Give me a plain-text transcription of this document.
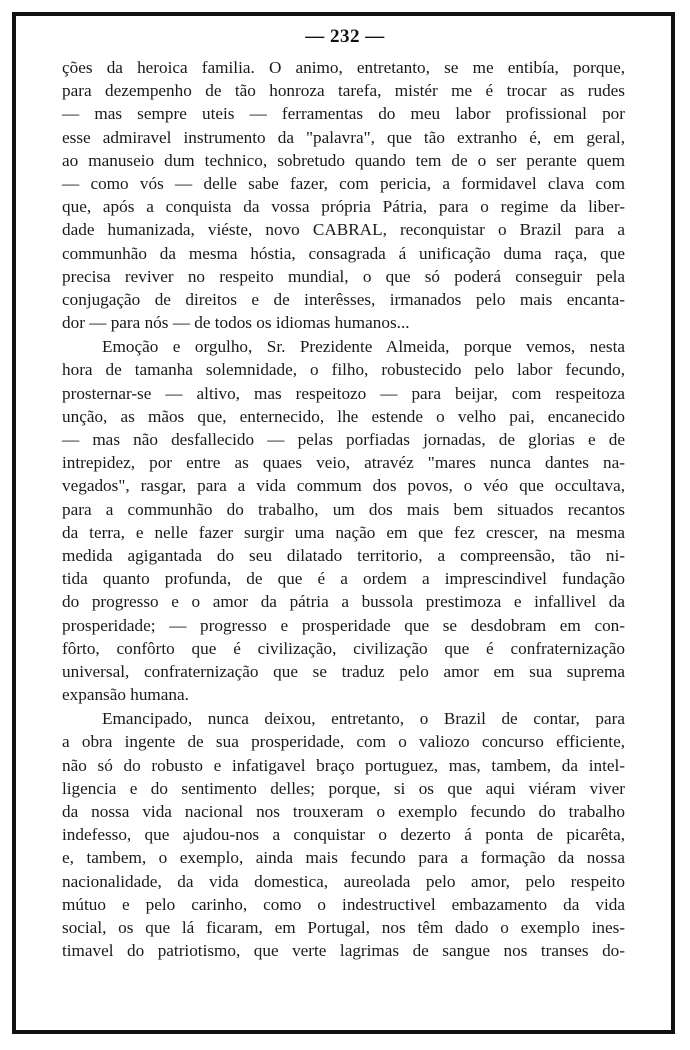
— 232 —
ções da heroica familia. O animo, entretanto, se me entibía, porque,
para dezempenho de tão honroza tarefa, mistér me é trocar as rudes
— mas sempre uteis — ferramentas do meu labor profissional por
esse admiravel instrumento da "palavra", que tão extranho é, em geral,
ao manuseio dum technico, sobretudo quando tem de o ser perante quem
— como vós — delle sabe fazer, com pericia, a formidavel clava com
que, após a conquista da vossa própria Pátria, para o regime da liber-
dade humanizada, viéste, novo CABRAL, reconquistar o Brazil para a
communhão da mesma hóstia, consagrada á unificação duma raça, que
precisa reviver no respeito mundial, o que só poderá conseguir pela
conjugação de direitos e de interêsses, irmanados pelo mais encanta-
dor — para nós — de todos os idiomas humanos...
Emoção e orgulho, Sr. Prezidente Almeida, porque vemos, nesta
hora de tamanha solemnidade, o filho, robustecido pelo labor fecundo,
prosternar-se — altivo, mas respeitozo — para beijar, com respeitoza
unção, as mãos que, enternecido, lhe estende o velho pai, encanecido
— mas não desfallecido — pelas porfiadas jornadas, de glorias e de
intrepidez, por entre as quaes veio, atravéz "mares nunca dantes na-
vegados", rasgar, para a vida commum dos povos, o véo que occultava,
para a communhão do trabalho, um dos mais bem situados recantos
da terra, e nelle fazer surgir uma nação em que fez crescer, na mesma
medida agigantada do seu dilatado territorio, a compreensão, tão ni-
tida quanto profunda, de que é a ordem a imprescindivel fundação
do progresso e o amor da pátria a bussola prestimoza e infallivel da
prosperidade; — progresso e prosperidade que se desdobram em con-
fôrto, confôrto que é civilização, civilização que é confraternização
universal, confraternização que se traduz pelo amor em sua suprema
expansão humana.
Emancipado, nunca deixou, entretanto, o Brazil de contar, para
a obra ingente de sua prosperidade, com o valiozo concurso efficiente,
não só do robusto e infatigavel braço portuguez, mas, tambem, da intel-
ligencia e do sentimento delles; porque, si os que aqui viéram viver
da nossa vida nacional nos trouxeram o exemplo fecundo do trabalho
indefesso, que ajudou-nos a conquistar o dezerto á ponta de picarêta,
e, tambem, o exemplo, ainda mais fecundo para a formação da nossa
nacionalidade, da vida domestica, aureolada pelo amor, pelo respeito
mútuo e pelo carinho, como o indestructivel embazamento da vida
social, os que lá ficaram, em Portugal, nos têm dado o exemplo ines-
timavel do patriotismo, que verte lagrimas de sangue nos transes do-
